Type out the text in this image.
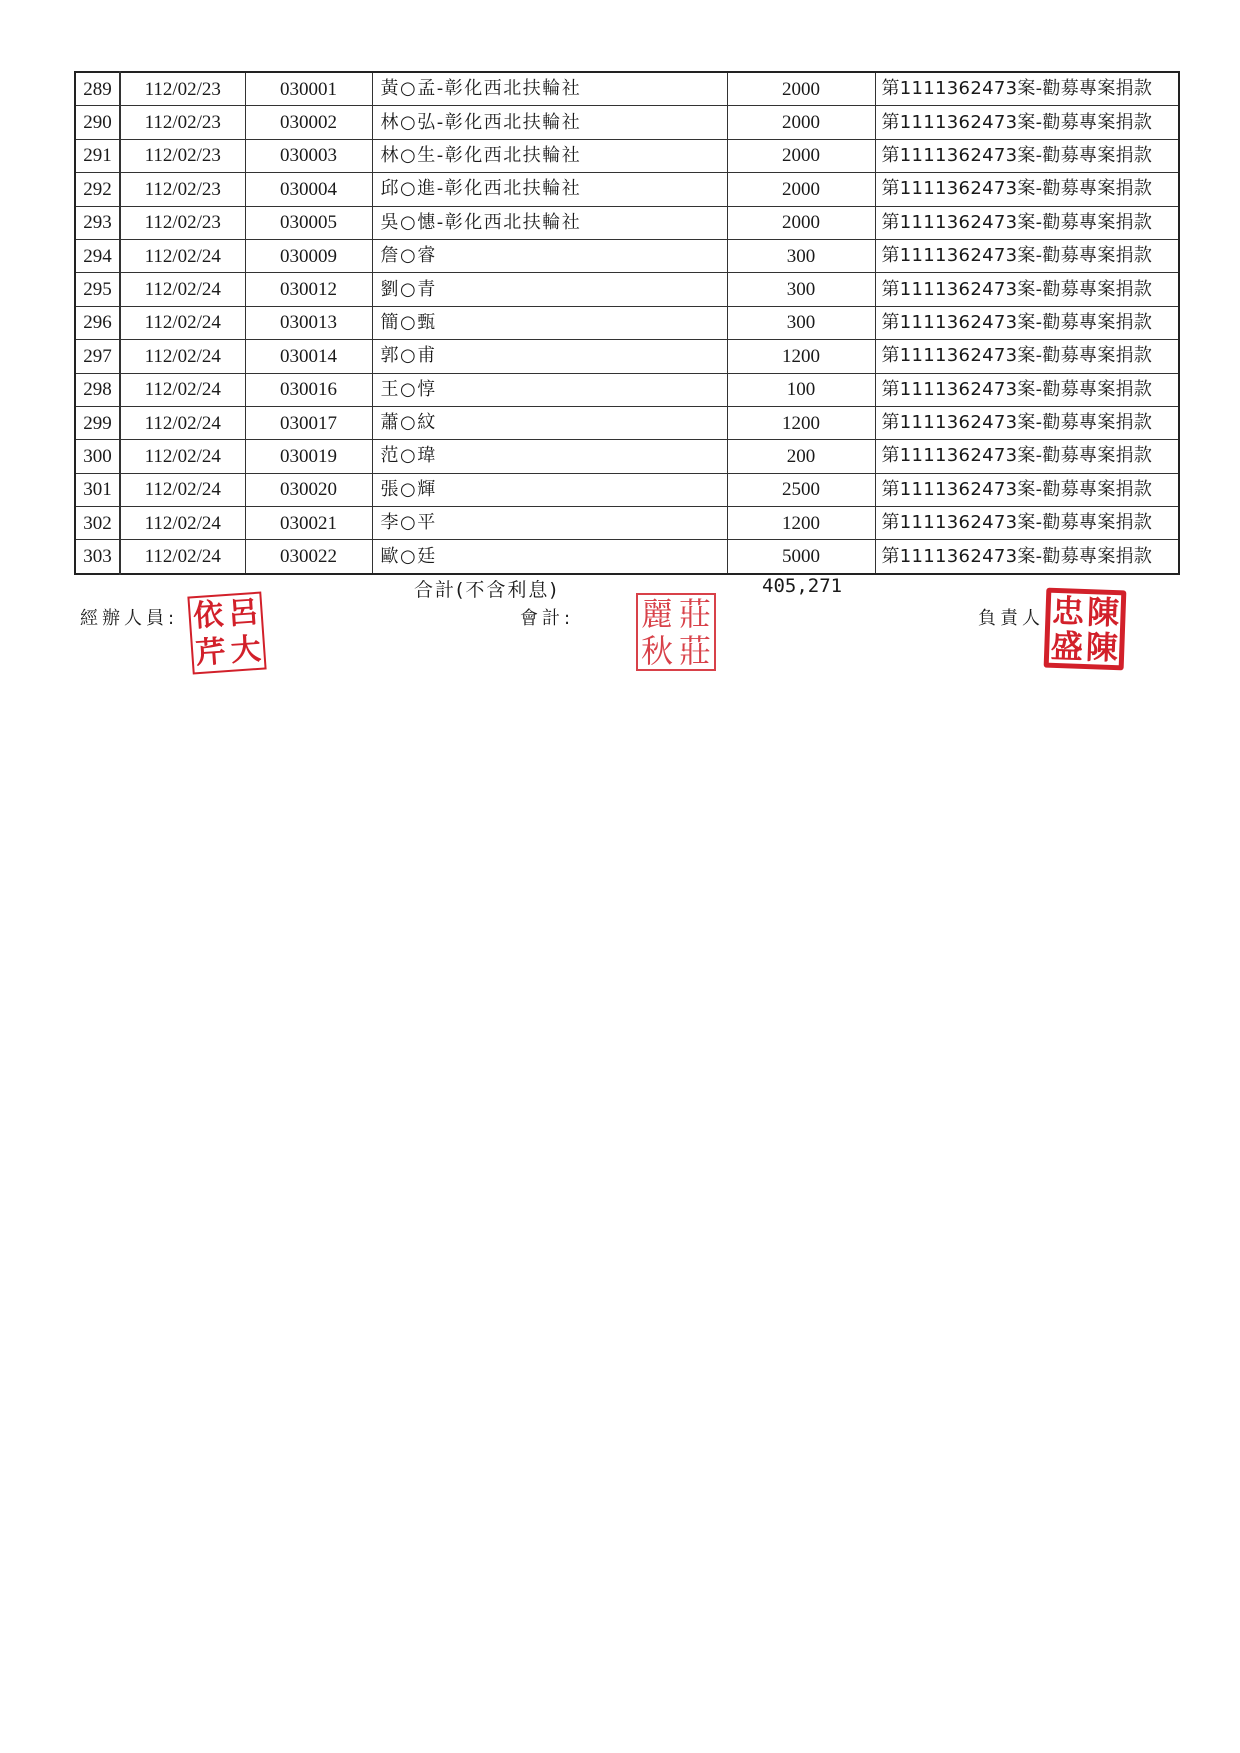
289	112/02/23	030001	黃○孟-彰化西北扶輪社	2000	第1111362473案-勸募專案捐款
290	112/02/23	030002	林○弘-彰化西北扶輪社	2000	第1111362473案-勸募專案捐款
291	112/02/23	030003	林○生-彰化西北扶輪社	2000	第1111362473案-勸募專案捐款
292	112/02/23	030004	邱○進-彰化西北扶輪社	2000	第1111362473案-勸募專案捐款
293	112/02/23	030005	吳○憓-彰化西北扶輪社	2000	第1111362473案-勸募專案捐款
294	112/02/24	030009	詹○睿	300	第1111362473案-勸募專案捐款
295	112/02/24	030012	劉○青	300	第1111362473案-勸募專案捐款
296	112/02/24	030013	簡○甄	300	第1111362473案-勸募專案捐款
297	112/02/24	030014	郭○甫	1200	第1111362473案-勸募專案捐款
298	112/02/24	030016	王○惇	100	第1111362473案-勸募專案捐款
299	112/02/24	030017	蕭○紋	1200	第1111362473案-勸募專案捐款
300	112/02/24	030019	范○瑋	200	第1111362473案-勸募專案捐款
301	112/02/24	030020	張○輝	2500	第1111362473案-勸募專案捐款
302	112/02/24	030021	李○平	1200	第1111362473案-勸募專案捐款
303	112/02/24	030022	歐○廷	5000	第1111362473案-勸募專案捐款
合計(不含利息)	405,271
經辦人員: 依 呂
芹 大
會計: 麗 莊
秋 莊
負責人:
忠 陳
盛 陳
